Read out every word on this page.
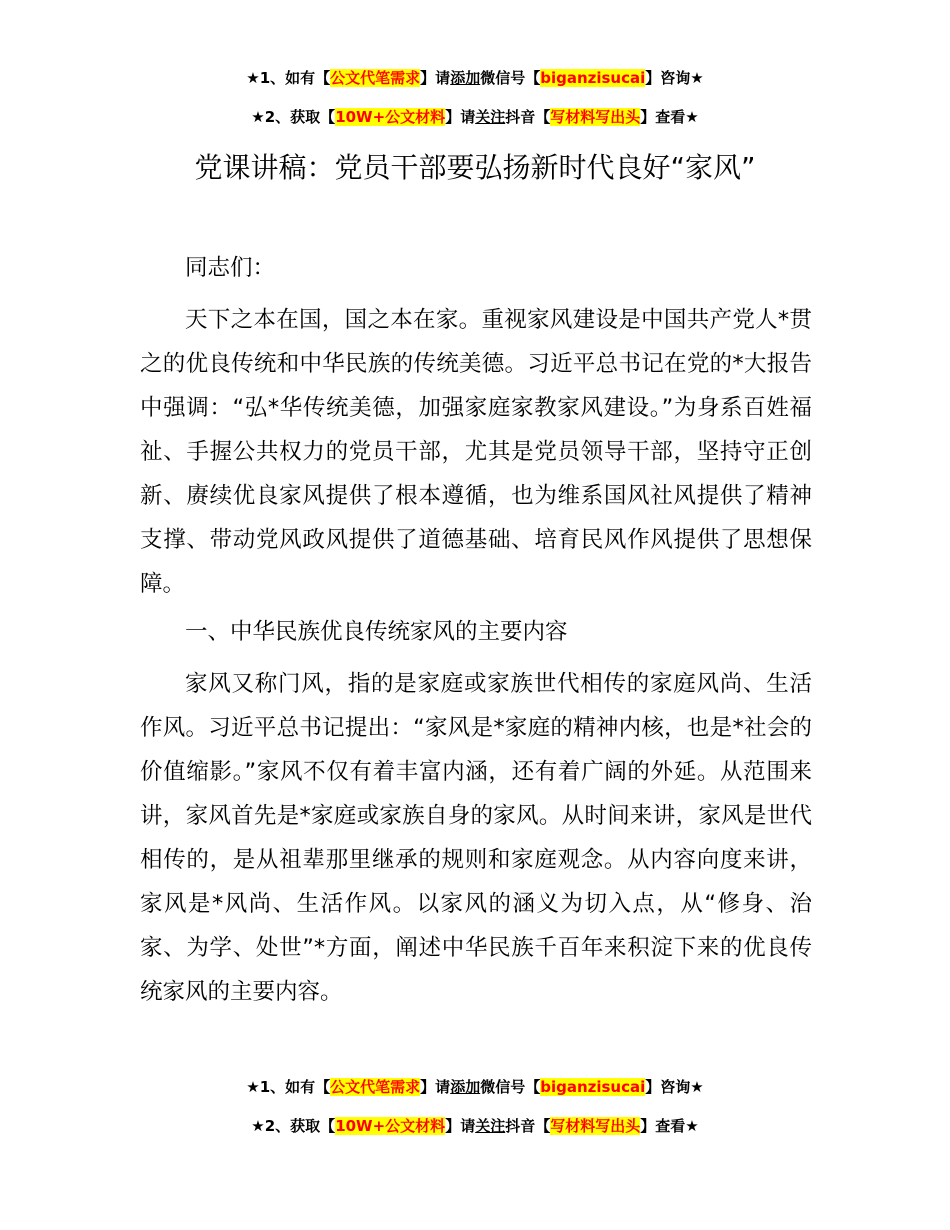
★1、如有【公文代笔需求】请添加微信号【biganzisucai】咨询★
★2、获取【10W+公文材料】请关注抖音【写材料写出头】查看★
党课讲稿：党员干部要弘扬新时代良好“家风”

同志们：

天下之本在国，国之本在家。重视家风建设是中国共产党人*贯之的优良传统和中华民族的传统美德。习近平总书记在党的*大报告中强调：“弘*华传统美德，加强家庭家教家风建设。”为身系百姓福祉、手握公共权力的党员干部，尤其是党员领导干部，坚持守正创新、赓续优良家风提供了根本遵循，也为维系国风社风提供了精神支撑、带动党风政风提供了道德基础、培育民风作风提供了思想保障。

一、中华民族优良传统家风的主要内容

家风又称门风，指的是家庭或家族世代相传的家庭风尚、生活作风。习近平总书记提出：“家风是*家庭的精神内核，也是*社会的价值缩影。”家风不仅有着丰富内涵，还有着广阔的外延。从范围来讲，家风首先是*家庭或家族自身的家风。从时间来讲，家风是世代相传的，是从祖辈那里继承的规则和家庭观念。从内容向度来讲，家风是*风尚、生活作风。以家风的涵义为切入点，从“修身、治家、为学、处世”*方面，阐述中华民族千百年来积淀下来的优良传统家风的主要内容。

★1、如有【公文代笔需求】请添加微信号【biganzisucai】咨询★
★2、获取【10W+公文材料】请关注抖音【写材料写出头】查看★
